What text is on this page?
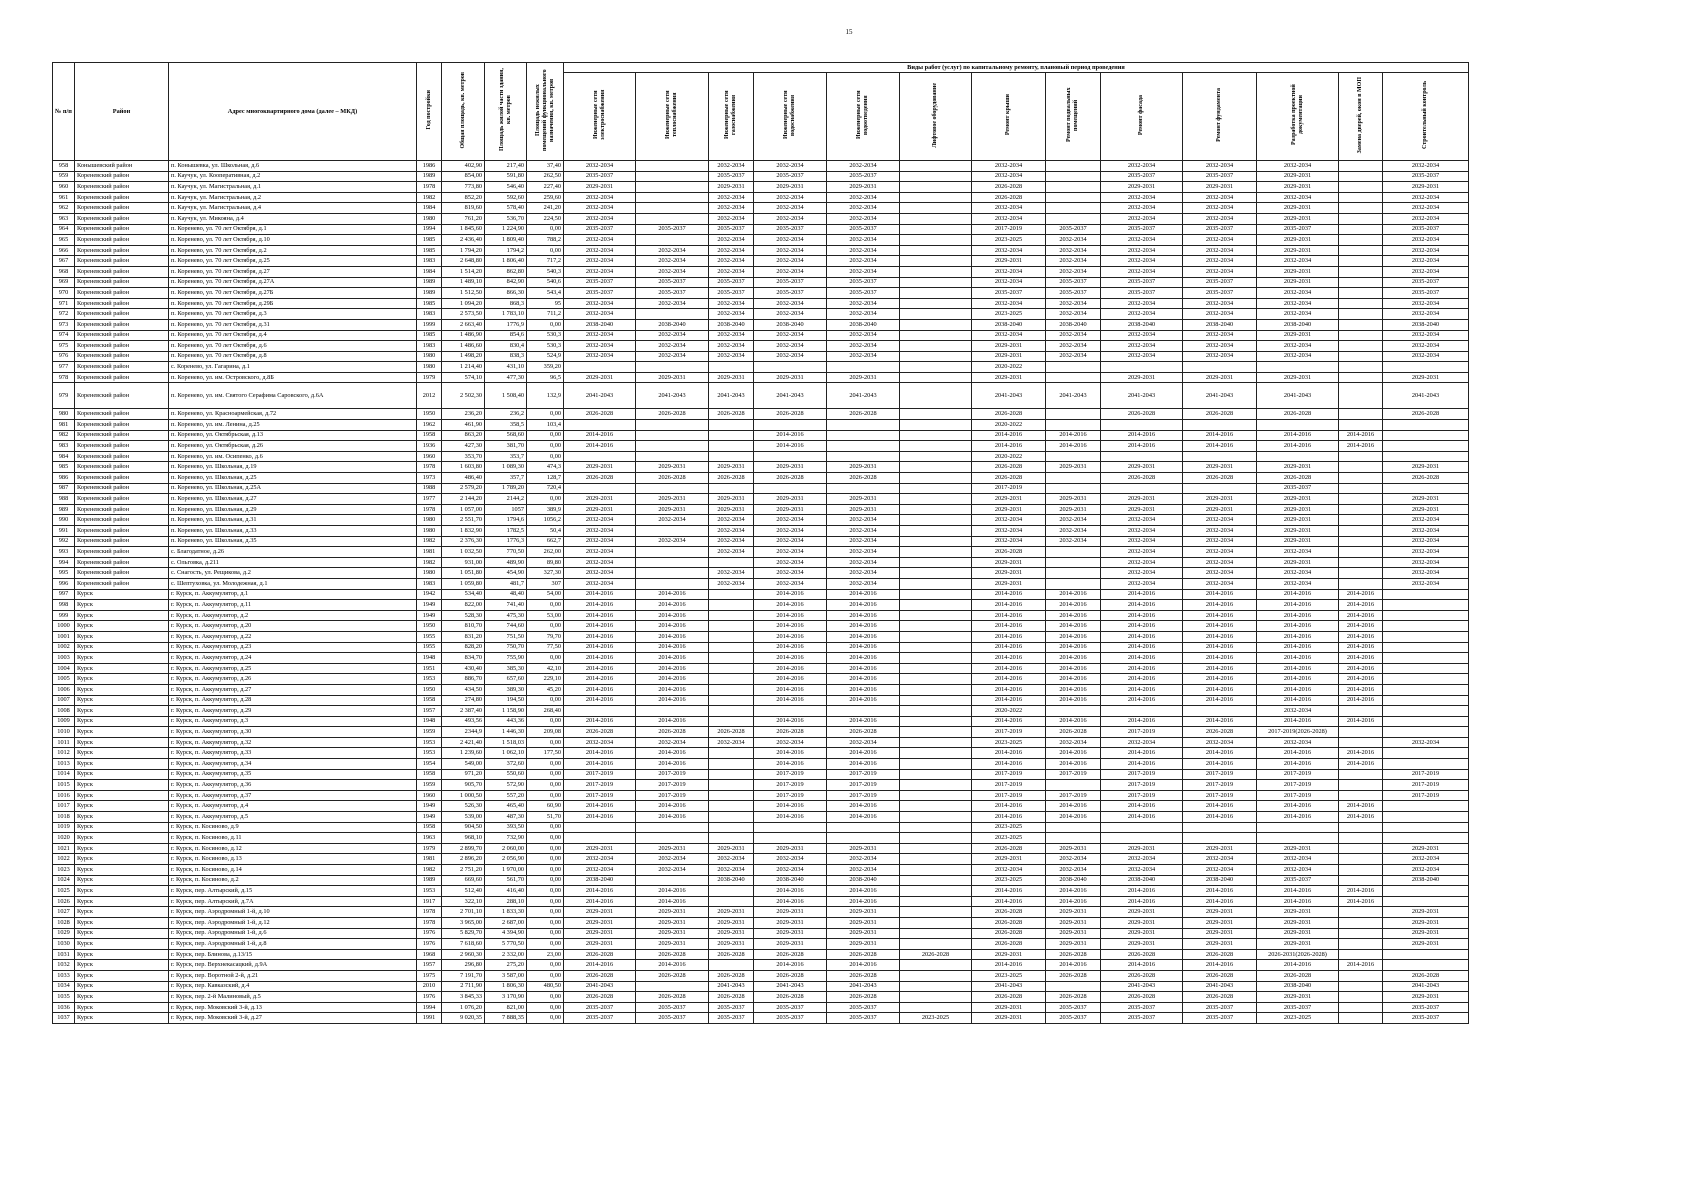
15
№ п/п	Район	Адрес многоквартирного дома (далее – МКД)	Год постройки	Общая площадь, кв. метров	Площадь жилой части здания, кв. метров	Площадь нежилых помещений функционального назначения, кв. метров	Виды работ (услуг) по капитальному ремонту, плановый период проведения												
							Инженерные сети электроснабжения	Инженерные сети теплоснабжения	Инженерные сети газоснабжения	Инженерные сети водоснабжения	Инженерные сети водоотведения	Лифтовое оборудование	Ремонт крыши	Ремонт подвальных помещений	Ремонт фасада	Ремонт фундамента	Разработка проектной документации	Замена дверей, окон в МОП	Строительный контроль
958	Конышевский район	п. Конышевка, ул. Школьная, д.6	1986	402,90	217,40	37,40	2032-2034		2032-2034	2032-2034	2032-2034		2032-2034		2032-2034	2032-2034	2032-2034		2032-2034
959	Кореневский район	п. Каучук, ул. Кооперативная, д.2	1989	854,00	591,80	262,50	2035-2037		2035-2037	2035-2037	2035-2037		2032-2034		2035-2037	2035-2037	2029-2031		2035-2037
960	Кореневский район	п. Каучук, ул. Магистральная, д.1	1978	773,80	546,40	227,40	2029-2031		2029-2031	2029-2031	2029-2031		2026-2028		2029-2031	2029-2031	2029-2031		2029-2031
961	Кореневский район	п. Каучук, ул. Магистральная, д.2	1982	852,20	592,60	259,60	2032-2034		2032-2034	2032-2034	2032-2034		2026-2028		2032-2034	2032-2034	2032-2034		2032-2034
962	Кореневский район	п. Каучук, ул. Магистральная, д.4	1984	819,60	578,40	241,20	2032-2034		2032-2034	2032-2034	2032-2034		2032-2034		2032-2034	2032-2034	2029-2031		2032-2034
963	Кореневский район	п. Каучук, ул. Микояна, д.4	1980	761,20	536,70	224,50	2032-2034		2032-2034	2032-2034	2032-2034		2032-2034		2032-2034	2032-2034	2029-2031		2032-2034
964	Кореневский район	п. Коренево, ул. 70 лет Октября, д.1	1994	1 845,60	1 224,90	0,00	2035-2037	2035-2037	2035-2037	2035-2037	2035-2037		2017-2019	2035-2037	2035-2037	2035-2037	2035-2037		2035-2037
965	Кореневский район	п. Коренево, ул. 70 лет Октября, д.10	1985	2 436,40	1 809,40	788,2	2032-2034		2032-2034	2032-2034	2032-2034		2023-2025	2032-2034	2032-2034	2032-2034	2029-2031		2032-2034
966	Кореневский район	п. Коренево, ул. 70 лет Октября, д.2	1985	1 794,20	1794,2	0,00	2032-2034	2032-2034	2032-2034	2032-2034	2032-2034		2032-2034	2032-2034	2032-2034	2032-2034	2029-2031		2032-2034
967	Кореневский район	п. Коренево, ул. 70 лет Октября, д.25	1983	2 648,80	1 806,40	717,2	2032-2034	2032-2034	2032-2034	2032-2034	2032-2034		2029-2031	2032-2034	2032-2034	2032-2034	2032-2034		2032-2034
968	Кореневский район	п. Коренево, ул. 70 лет Октября, д.27	1984	1 514,20	862,80	540,3	2032-2034	2032-2034	2032-2034	2032-2034	2032-2034		2032-2034	2032-2034	2032-2034	2032-2034	2029-2031		2032-2034
969	Кореневский район	п. Коренево, ул. 70 лет Октября, д.27А	1989	1 489,10	842,90	540,6	2035-2037	2035-2037	2035-2037	2035-2037	2035-2037		2032-2034	2035-2037	2035-2037	2035-2037	2029-2031		2035-2037
970	Кореневский район	п. Коренево, ул. 70 лет Октября, д.27Б	1989	1 512,50	866,30	543,4	2035-2037	2035-2037	2035-2037	2035-2037	2035-2037		2035-2037	2035-2037	2035-2037	2035-2037	2032-2034		2035-2037
971	Кореневский район	п. Коренево, ул. 70 лет Октября, д.29Б	1985	1 094,20	868,3	95	2032-2034	2032-2034	2032-2034	2032-2034	2032-2034		2032-2034	2032-2034	2032-2034	2032-2034	2032-2034		2032-2034
972	Кореневский район	п. Коренево, ул. 70 лет Октября, д.3	1983	2 573,50	1 783,10	711,2	2032-2034		2032-2034	2032-2034	2032-2034		2023-2025	2032-2034	2032-2034	2032-2034	2032-2034		2032-2034
973	Кореневский район	п. Коренево, ул. 70 лет Октября, д.31	1999	2 663,40	1776,9	0,00	2038-2040	2038-2040	2038-2040	2038-2040	2038-2040		2038-2040	2038-2040	2038-2040	2038-2040	2038-2040		2038-2040
974	Кореневский район	п. Коренево, ул. 70 лет Октября, д.4	1985	1 486,90	854,6	530,3	2032-2034	2032-2034	2032-2034	2032-2034	2032-2034		2032-2034	2032-2034	2032-2034	2032-2034	2029-2031		2032-2034
975	Кореневский район	п. Коренево, ул. 70 лет Октября, д.6	1983	1 486,60	830,4	530,3	2032-2034	2032-2034	2032-2034	2032-2034	2032-2034		2029-2031	2032-2034	2032-2034	2032-2034	2032-2034		2032-2034
976	Кореневский район	п. Коренево, ул. 70 лет Октября, д.8	1980	1 498,20	838,3	524,9	2032-2034	2032-2034	2032-2034	2032-2034	2032-2034		2029-2031	2032-2034	2032-2034	2032-2034	2032-2034		2032-2034
977	Кореневский район	с. Коренево, ул. Гагарина, д.1	1980	1 214,40	431,10	359,20							2020-2022						
978	Кореневский район	п. Коренево, ул. им. Островского, д.8Б	1979	574,10	477,30	96,5	2029-2031	2029-2031	2029-2031	2029-2031	2029-2031		2029-2031		2029-2031	2029-2031	2029-2031		2029-2031
979	Кореневский район	п. Коренево, ул. им. Святого Серафима Саровского, д.6А	2012	2 502,30	1 508,40	132,9	2041-2043	2041-2043	2041-2043	2041-2043	2041-2043		2041-2043	2041-2043	2041-2043	2041-2043	2041-2043		2041-2043
980	Кореневский район	п. Коренево, ул. Красноармейская, д.72	1950	236,20	236,2	0,00	2026-2028	2026-2028	2026-2028	2026-2028	2026-2028		2026-2028		2026-2028	2026-2028	2026-2028		2026-2028
981	Кореневский район	п. Коренево, ул. им. Ленина, д.25	1962	461,90	358,5	103,4							2020-2022						
982	Кореневский район	п. Коренево, ул. Октябрьская, д.13	1958	863,20	568,60	0,00	2014-2016			2014-2016			2014-2016	2014-2016	2014-2016	2014-2016	2014-2016	2014-2016	
983	Кореневский район	п. Коренево, ул. Октябрьская, д.26	1936	427,30	381,70	0,00	2014-2016			2014-2016			2014-2016	2014-2016	2014-2016	2014-2016	2014-2016	2014-2016	
984	Кореневский район	п. Коренево, ул. им. Осипенко, д.6	1960	353,70	353,7	0,00							2020-2022						
985	Кореневский район	п. Коренево, ул. Школьная, д.19	1978	1 603,80	1 089,30	474,3	2029-2031	2029-2031	2029-2031	2029-2031	2029-2031		2026-2028	2029-2031	2029-2031	2029-2031	2029-2031		2029-2031
986	Кореневский район	п. Коренево, ул. Школьная, д.25	1973	486,40	357,7	128,7	2026-2028	2026-2028	2026-2028	2026-2028	2026-2028		2026-2028		2026-2028	2026-2028	2026-2028		2026-2028
987	Кореневский район	п. Коренево, ул. Школьная, д.25А	1988	2 579,20	1 789,20	720,4							2017-2019				2035-2037		
988	Кореневский район	п. Коренево, ул. Школьная, д.27	1977	2 144,20	2144,2	0,00	2029-2031	2029-2031	2029-2031	2029-2031	2029-2031		2029-2031	2029-2031	2029-2031	2029-2031	2029-2031		2029-2031
989	Кореневский район	п. Коренево, ул. Школьная, д.29	1978	1 057,00	1057	389,9	2029-2031	2029-2031	2029-2031	2029-2031	2029-2031		2029-2031	2029-2031	2029-2031	2029-2031	2029-2031		2029-2031
990	Кореневский район	п. Коренево, ул. Школьная, д.31	1980	2 551,70	1794,6	1056,2	2032-2034	2032-2034	2032-2034	2032-2034	2032-2034		2032-2034	2032-2034	2032-2034	2032-2034	2029-2031		2032-2034
991	Кореневский район	п. Коренево, ул. Школьная, д.33	1980	1 832,90	1782,5	50,4	2032-2034		2032-2034	2032-2034	2032-2034		2032-2034	2032-2034	2032-2034	2032-2034	2029-2031		2032-2034
992	Кореневский район	п. Коренево, ул. Школьная, д.35	1982	2 376,30	1776,3	662,7	2032-2034	2032-2034	2032-2034	2032-2034	2032-2034		2032-2034	2032-2034	2032-2034	2032-2034	2029-2031		2032-2034
993	Кореневский район	с. Благодатное, д.26	1981	1 032,50	770,50	262,00	2032-2034		2032-2034	2032-2034	2032-2034		2026-2028		2032-2034	2032-2034	2032-2034		2032-2034
994	Кореневский район	с. Ольговка, д.211	1982	931,00	489,90	89,80	2032-2034			2032-2034	2032-2034		2029-2031		2032-2034	2032-2034	2029-2031		2032-2034
995	Кореневский район	с. Снагость, ул. Рещикова, д.2	1980	1 051,80	454,90	327,30	2032-2034		2032-2034	2032-2034	2032-2034		2029-2031		2032-2034	2032-2034	2032-2034		2032-2034
996	Кореневский район	с. Шептуховка, ул. Молодежная, д.1	1983	1 059,80	481,7	307	2032-2034		2032-2034	2032-2034	2032-2034		2029-2031		2032-2034	2032-2034	2032-2034		2032-2034
997	Курск	г. Курск, п. Аккумулятор, д.1	1942	534,40	48,40	54,00	2014-2016	2014-2016		2014-2016	2014-2016		2014-2016	2014-2016	2014-2016	2014-2016	2014-2016	2014-2016	
998	Курск	г. Курск, п. Аккумулятор, д.11	1949	822,00	741,40	0,00	2014-2016	2014-2016		2014-2016	2014-2016		2014-2016	2014-2016	2014-2016	2014-2016	2014-2016	2014-2016	
999	Курск	г. Курск, п. Аккумулятор, д.2	1949	528,30	475,30	53,00	2014-2016	2014-2016		2014-2016	2014-2016		2014-2016	2014-2016	2014-2016	2014-2016	2014-2016	2014-2016	
1000	Курск	г. Курск, п. Аккумулятор, д.20	1950	810,70	744,60	0,00	2014-2016	2014-2016		2014-2016	2014-2016		2014-2016	2014-2016	2014-2016	2014-2016	2014-2016	2014-2016	
1001	Курск	г. Курск, п. Аккумулятор, д.22	1955	831,20	751,50	79,70	2014-2016	2014-2016		2014-2016	2014-2016		2014-2016	2014-2016	2014-2016	2014-2016	2014-2016	2014-2016	
1002	Курск	г. Курск, п. Аккумулятор, д.23	1955	828,20	750,70	77,50	2014-2016	2014-2016		2014-2016	2014-2016		2014-2016	2014-2016	2014-2016	2014-2016	2014-2016	2014-2016	
1003	Курск	г. Курск, п. Аккумулятор, д.24	1948	834,70	755,90	0,00	2014-2016	2014-2016		2014-2016	2014-2016		2014-2016	2014-2016	2014-2016	2014-2016	2014-2016	2014-2016	
1004	Курск	г. Курск, п. Аккумулятор, д.25	1951	430,40	385,30	42,10	2014-2016	2014-2016		2014-2016	2014-2016		2014-2016	2014-2016	2014-2016	2014-2016	2014-2016	2014-2016	
1005	Курск	г. Курск, п. Аккумулятор, д.26	1953	886,70	657,60	229,10	2014-2016	2014-2016		2014-2016	2014-2016		2014-2016	2014-2016	2014-2016	2014-2016	2014-2016	2014-2016	
1006	Курск	г. Курск, п. Аккумулятор, д.27	1950	434,50	389,30	45,20	2014-2016	2014-2016		2014-2016	2014-2016		2014-2016	2014-2016	2014-2016	2014-2016	2014-2016	2014-2016	
1007	Курск	г. Курск, п. Аккумулятор, д.28	1958	274,80	194,50	0,00	2014-2016	2014-2016		2014-2016	2014-2016		2014-2016	2014-2016	2014-2016	2014-2016	2014-2016	2014-2016	
1008	Курск	г. Курск, п. Аккумулятор, д.29	1957	2 387,40	1 158,90	268,40							2020-2022				2032-2034		
1009	Курск	г. Курск, п. Аккумулятор, д.3	1948	493,56	443,36	0,00	2014-2016	2014-2016		2014-2016	2014-2016		2014-2016	2014-2016	2014-2016	2014-2016	2014-2016	2014-2016	
1010	Курск	г. Курск, п. Аккумулятор, д.30	1959	2344,9	1 446,30	209,08	2026-2028	2026-2028	2026-2028	2026-2028	2026-2028		2017-2019	2026-2028	2017-2019	2026-2028	2017-2019(2026-2028)		
1011	Курск	г. Курск, п. Аккумулятор, д.32	1953	2 421,40	1 518,03	0,00	2032-2034	2032-2034	2032-2034	2032-2034	2032-2034		2023-2025	2032-2034	2032-2034	2032-2034	2032-2034		2032-2034
1012	Курск	г. Курск, п. Аккумулятор, д.33	1953	1 239,60	1 062,10	177,50	2014-2016	2014-2016		2014-2016	2014-2016		2014-2016	2014-2016	2014-2016	2014-2016	2014-2016	2014-2016	
1013	Курск	г. Курск, п. Аккумулятор, д.34	1954	549,00	372,60	0,00	2014-2016	2014-2016		2014-2016	2014-2016		2014-2016	2014-2016	2014-2016	2014-2016	2014-2016	2014-2016	
1014	Курск	г. Курск, п. Аккумулятор, д.35	1958	971,20	550,60	0,00	2017-2019	2017-2019		2017-2019	2017-2019		2017-2019	2017-2019	2017-2019	2017-2019	2017-2019		2017-2019
1015	Курск	г. Курск, п. Аккумулятор, д.36	1959	905,70	572,90	0,00	2017-2019	2017-2019		2017-2019	2017-2019		2017-2019		2017-2019	2017-2019	2017-2019		2017-2019
1016	Курск	г. Курск, п. Аккумулятор, д.37	1960	1 000,50	557,20	0,00	2017-2019	2017-2019		2017-2019	2017-2019		2017-2019	2017-2019	2017-2019	2017-2019	2017-2019		2017-2019
1017	Курск	г. Курск, п. Аккумулятор, д.4	1949	526,30	465,40	60,90	2014-2016	2014-2016		2014-2016	2014-2016		2014-2016	2014-2016	2014-2016	2014-2016	2014-2016	2014-2016	
1018	Курск	г. Курск, п. Аккумулятор, д.5	1949	539,00	487,30	51,70	2014-2016	2014-2016		2014-2016	2014-2016		2014-2016	2014-2016	2014-2016	2014-2016	2014-2016	2014-2016	
1019	Курск	г. Курск, п. Косиново, д.9	1958	904,50	393,50	0,00							2023-2025						
1020	Курск	г. Курск, п. Косиново, д.11	1963	968,10	732,90	0,00							2023-2025						
1021	Курск	г. Курск, п. Косиново, д.12	1979	2 899,70	2 060,00	0,00	2029-2031	2029-2031	2029-2031	2029-2031	2029-2031		2026-2028	2029-2031	2029-2031	2029-2031	2029-2031		2029-2031
1022	Курск	г. Курск, п. Косиново, д.13	1981	2 896,20	2 056,90	0,00	2032-2034	2032-2034	2032-2034	2032-2034	2032-2034		2029-2031	2032-2034	2032-2034	2032-2034	2032-2034		2032-2034
1023	Курск	г. Курск, п. Косиново, д.14	1982	2 751,20	1 970,00	0,00	2032-2034	2032-2034	2032-2034	2032-2034	2032-2034		2032-2034	2032-2034	2032-2034	2032-2034	2032-2034		2032-2034
1024	Курск	г. Курск, п. Косиново, д.2	1989	669,60	561,70	0,00	2038-2040		2038-2040	2038-2040	2038-2040		2023-2025	2038-2040	2038-2040	2038-2040	2035-2037		2038-2040
1025	Курск	г. Курск, пер. Алтырский, д.15	1953	512,40	416,40	0,00	2014-2016	2014-2016		2014-2016	2014-2016		2014-2016	2014-2016	2014-2016	2014-2016	2014-2016	2014-2016	
1026	Курск	г. Курск, пер. Алтырский, д.7А	1917	322,10	288,10	0,00	2014-2016	2014-2016		2014-2016	2014-2016		2014-2016	2014-2016	2014-2016	2014-2016	2014-2016	2014-2016	
1027	Курск	г. Курск, пер. Аэродромный 1-й, д.10	1978	2 701,10	1 833,30	0,00	2029-2031	2029-2031	2029-2031	2029-2031	2029-2031		2026-2028	2029-2031	2029-2031	2029-2031	2029-2031		2029-2031
1028	Курск	г. Курск, пер. Аэродромный 1-й, д.12	1978	3 965,00	2 687,00	0,00	2029-2031	2029-2031	2029-2031	2029-2031	2029-2031		2026-2028	2029-2031	2029-2031	2029-2031	2029-2031		2029-2031
1029	Курск	г. Курск, пер. Аэродромный 1-й, д.6	1976	5 829,70	4 394,90	0,00	2029-2031	2029-2031	2029-2031	2029-2031	2029-2031		2026-2028	2029-2031	2029-2031	2029-2031	2029-2031		2029-2031
1030	Курск	г. Курск, пер. Аэродромный 1-й, д.8	1976	7 618,60	5 770,50	0,00	2029-2031	2029-2031	2029-2031	2029-2031	2029-2031		2026-2028	2029-2031	2029-2031	2029-2031	2029-2031		2029-2031
1031	Курск	г. Курск, пер. Блинова, д.13/15	1968	2 960,30	2 332,00	23,00	2026-2028	2026-2028	2026-2028	2026-2028	2026-2028	2026-2028	2029-2031	2026-2028	2026-2028	2026-2028	2026-2031(2026-2028)		
1032	Курск	г. Курск, пер. Верхнекасацкий, д.9А	1957	296,80	275,20	0,00	2014-2016	2014-2016		2014-2016	2014-2016		2014-2016	2014-2016	2014-2016	2014-2016	2014-2016	2014-2016	
1033	Курск	г. Курск, пер. Воротной 2-й, д.21	1975	7 191,70	3 587,00	0,00	2026-2028	2026-2028	2026-2028	2026-2028	2026-2028		2023-2025	2026-2028	2026-2028	2026-2028	2026-2028		2026-2028
1034	Курск	г. Курск, пер. Кавказский, д.4	2010	2 711,90	1 806,30	480,50	2041-2043		2041-2043	2041-2043	2041-2043		2041-2043		2041-2043	2041-2043	2038-2040		2041-2043
1035	Курск	г. Курск, пер. 2-й Малиновый, д.5	1976	3 845,33	3 170,90	0,00	2026-2028	2026-2028	2026-2028	2026-2028	2026-2028		2026-2028	2026-2028	2026-2028	2026-2028	2029-2031		2029-2031
1036	Курск	г. Курск, пер. Моковский 3-й, д.13	1994	1 076,20	821,00	0,00	2035-2037	2035-2037	2035-2037	2035-2037	2035-2037		2029-2031	2035-2037	2035-2037	2035-2037	2035-2037		2035-2037
1037	Курск	г. Курск, пер. Моковский 3-й, д.27	1991	9 020,35	7 888,35	0,00	2035-2037	2035-2037	2035-2037	2035-2037	2035-2037	2023-2025	2029-2031	2035-2037	2035-2037	2035-2037	2023-2025		2035-2037
